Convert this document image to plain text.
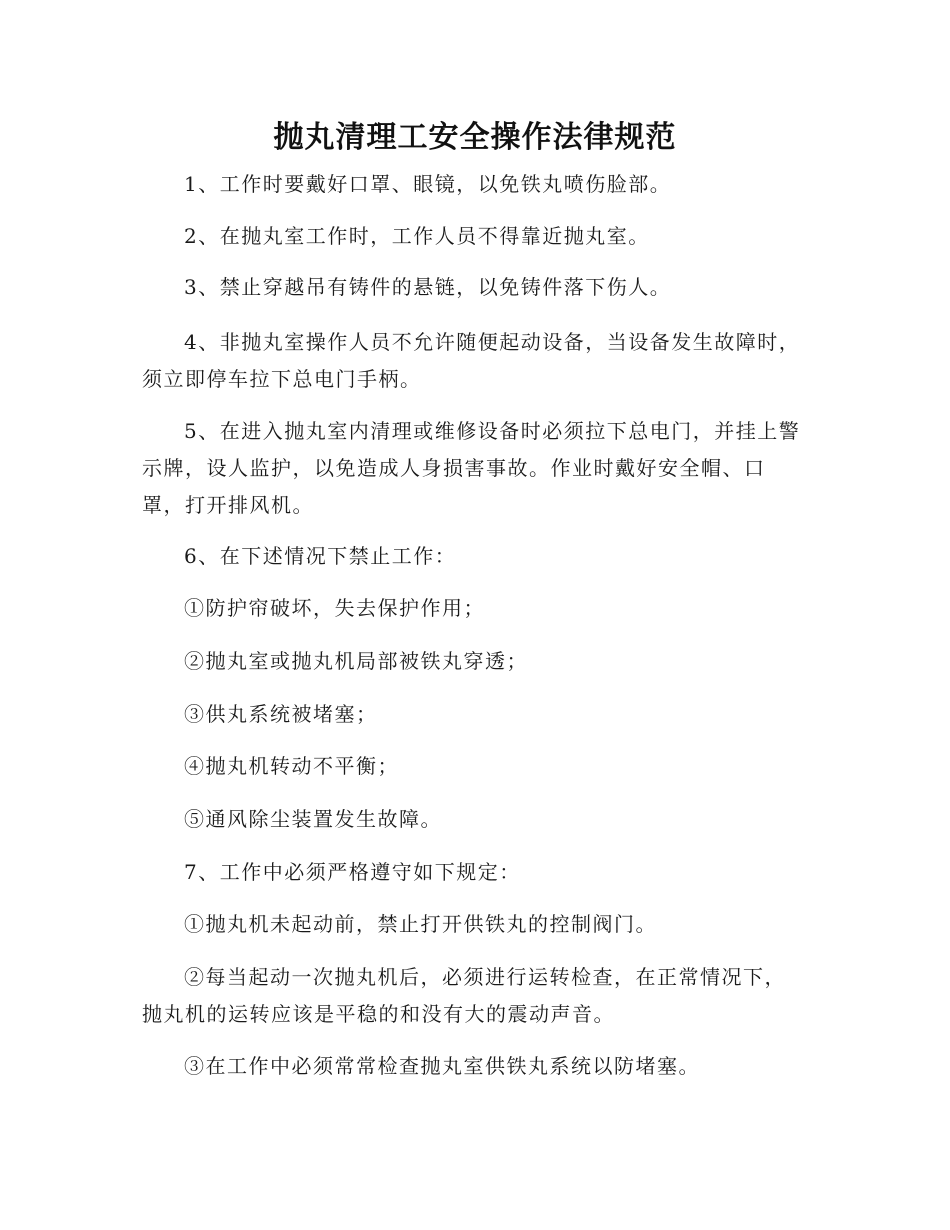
抛丸清理工安全操作法律规范
1、工作时要戴好口罩、眼镜，以免铁丸喷伤脸部。
2、在抛丸室工作时，工作人员不得靠近抛丸室。
3、禁止穿越吊有铸件的悬链，以免铸件落下伤人。
4、非抛丸室操作人员不允许随便起动设备，当设备发生故障时，须立即停车拉下总电门手柄。
5、在进入抛丸室内清理或维修设备时必须拉下总电门，并挂上警示牌，设人监护，以免造成人身损害事故。作业时戴好安全帽、口罩，打开排风机。
6、在下述情况下禁止工作：
①防护帘破坏，失去保护作用；
②抛丸室或抛丸机局部被铁丸穿透；
③供丸系统被堵塞；
④抛丸机转动不平衡；
⑤通风除尘装置发生故障。
7、工作中必须严格遵守如下规定：
①抛丸机未起动前，禁止打开供铁丸的控制阀门。
②每当起动一次抛丸机后，必须进行运转检查，在正常情况下，抛丸机的运转应该是平稳的和没有大的震动声音。
③在工作中必须常常检查抛丸室供铁丸系统以防堵塞。
